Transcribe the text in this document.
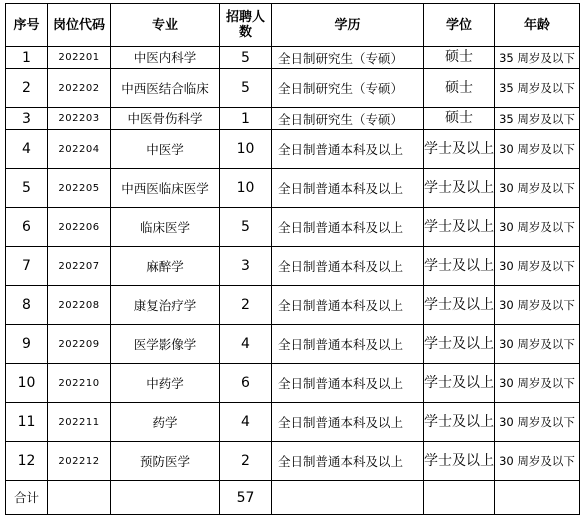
序号	岗位代码	专业	招聘人数	学历	学位	年龄
1	202201	中医内科学	5	全日制研究生（专硕）	硕士	35 周岁及以下
2	202202	中西医结合临床	5	全日制研究生（专硕）	硕士	35 周岁及以下
3	202203	中医骨伤科学	1	全日制研究生（专硕）	硕士	35 周岁及以下
4	202204	中医学	10	全日制普通本科及以上	学士及以上	30 周岁及以下
5	202205	中西医临床医学	10	全日制普通本科及以上	学士及以上	30 周岁及以下
6	202206	临床医学	5	全日制普通本科及以上	学士及以上	30 周岁及以下
7	202207	麻醉学	3	全日制普通本科及以上	学士及以上	30 周岁及以下
8	202208	康复治疗学	2	全日制普通本科及以上	学士及以上	30 周岁及以下
9	202209	医学影像学	4	全日制普通本科及以上	学士及以上	30 周岁及以下
10	202210	中药学	6	全日制普通本科及以上	学士及以上	30 周岁及以下
11	202211	药学	4	全日制普通本科及以上	学士及以上	30 周岁及以下
12	202212	预防医学	2	全日制普通本科及以上	学士及以上	30 周岁及以下
合计			57			
